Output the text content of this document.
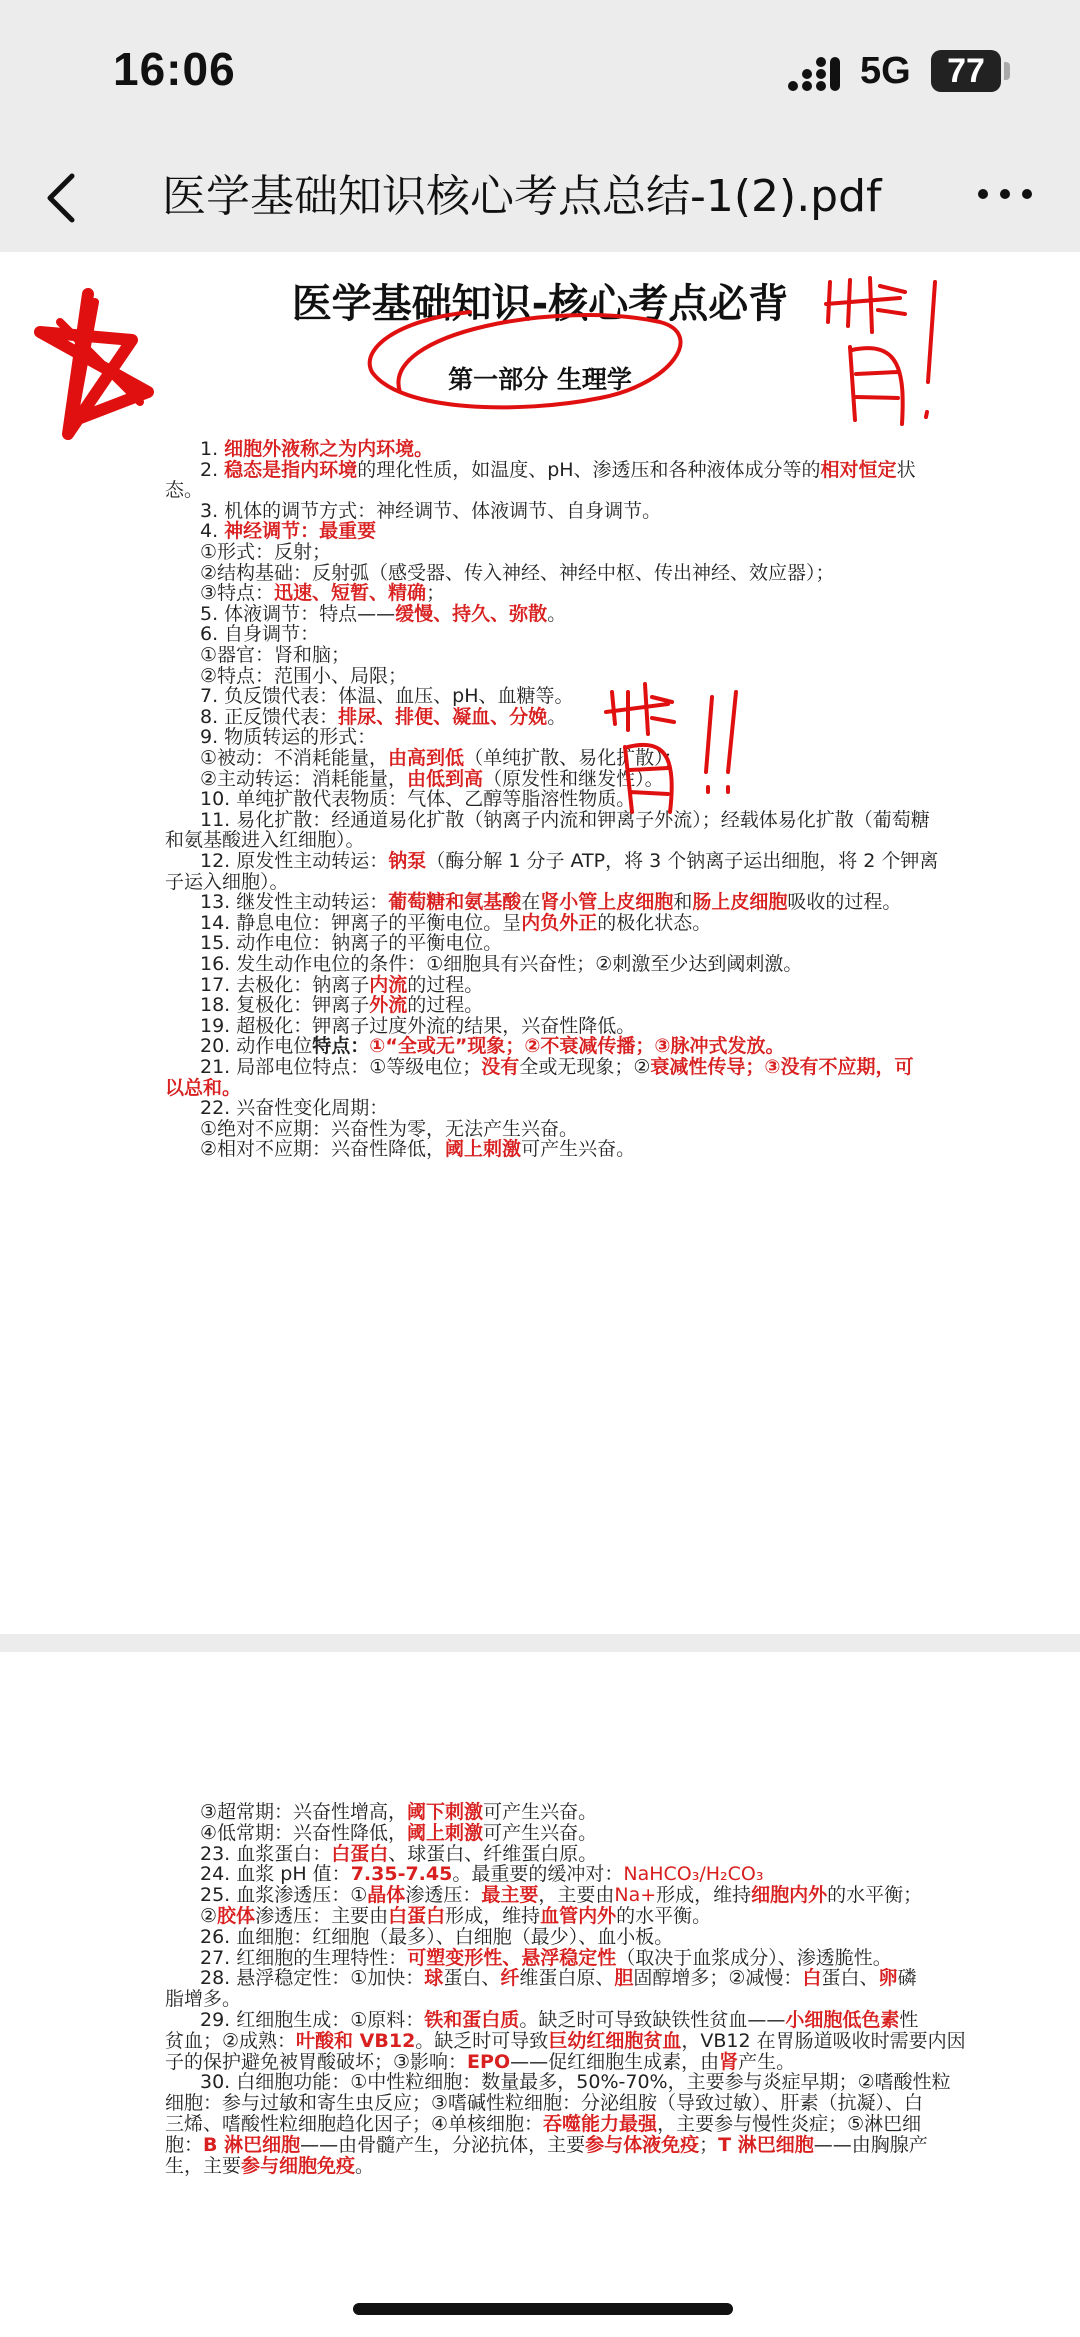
16:06	5G	77
医学基础知识核心考点总结-1(2).pdf
医学基础知识-核心考点必背
第一部分 生理学
1. 细胞外液称之为内环境。
2. 稳态是指内环境的理化性质，如温度、pH、渗透压和各种液体成分等的相对恒定状
态。
3. 机体的调节方式：神经调节、体液调节、自身调节。
4. 神经调节：最重要
①形式：反射；
②结构基础：反射弧（感受器、传入神经、神经中枢、传出神经、效应器）；
③特点：迅速、短暂、精确；
5. 体液调节：特点——缓慢、持久、弥散。
6. 自身调节：
①器官：肾和脑；
②特点：范围小、局限；
7. 负反馈代表：体温、血压、pH、血糖等。
8. 正反馈代表：排尿、排便、凝血、分娩。
9. 物质转运的形式：
①被动：不消耗能量，由高到低（单纯扩散、易化扩散）；
②主动转运：消耗能量，由低到高（原发性和继发性）。
10. 单纯扩散代表物质：气体、乙醇等脂溶性物质。
11. 易化扩散：经通道易化扩散（钠离子内流和钾离子外流）；经载体易化扩散（葡萄糖
和氨基酸进入红细胞）。
12. 原发性主动转运：钠泵（酶分解 1 分子 ATP，将 3 个钠离子运出细胞，将 2 个钾离
子运入细胞）。
13. 继发性主动转运：葡萄糖和氨基酸在肾小管上皮细胞和肠上皮细胞吸收的过程。
14. 静息电位：钾离子的平衡电位。呈内负外正的极化状态。
15. 动作电位：钠离子的平衡电位。
16. 发生动作电位的条件：①细胞具有兴奋性；②刺激至少达到阈刺激。
17. 去极化：钠离子内流的过程。
18. 复极化：钾离子外流的过程。
19. 超极化：钾离子过度外流的结果，兴奋性降低。
20. 动作电位特点：①“全或无”现象；②不衰减传播；③脉冲式发放。
21. 局部电位特点：①等级电位；没有全或无现象；②衰减性传导；③没有不应期，可
以总和。
22. 兴奋性变化周期：
①绝对不应期：兴奋性为零，无法产生兴奋。
②相对不应期：兴奋性降低，阈上刺激可产生兴奋。
③超常期：兴奋性增高，阈下刺激可产生兴奋。
④低常期：兴奋性降低，阈上刺激可产生兴奋。
23. 血浆蛋白：白蛋白、球蛋白、纤维蛋白原。
24. 血浆 pH 值：7.35-7.45。最重要的缓冲对：NaHCO₃/H₂CO₃
25. 血浆渗透压：①晶体渗透压：最主要，主要由Na+形成，维持细胞内外的水平衡；
②胶体渗透压：主要由白蛋白形成，维持血管内外的水平衡。
26. 血细胞：红细胞（最多）、白细胞（最少）、血小板。
27. 红细胞的生理特性：可塑变形性、悬浮稳定性（取决于血浆成分）、渗透脆性。
28. 悬浮稳定性：①加快：球蛋白、纤维蛋白原、胆固醇增多；②减慢：白蛋白、卵磷
脂增多。
29. 红细胞生成：①原料：铁和蛋白质。缺乏时可导致缺铁性贫血——小细胞低色素性
贫血；②成熟：叶酸和 VB12。缺乏时可导致巨幼红细胞贫血，VB12 在胃肠道吸收时需要内因
子的保护避免被胃酸破坏；③影响：EPO——促红细胞生成素，由肾产生。
30. 白细胞功能：①中性粒细胞：数量最多，50%-70%，主要参与炎症早期；②嗜酸性粒
细胞：参与过敏和寄生虫反应；③嗜碱性粒细胞：分泌组胺（导致过敏）、肝素（抗凝）、白
三烯、嗜酸性粒细胞趋化因子；④单核细胞：吞噬能力最强，主要参与慢性炎症；⑤淋巴细
胞：B 淋巴细胞——由骨髓产生，分泌抗体，主要参与体液免疫；T 淋巴细胞——由胸腺产
生，主要参与细胞免疫。
